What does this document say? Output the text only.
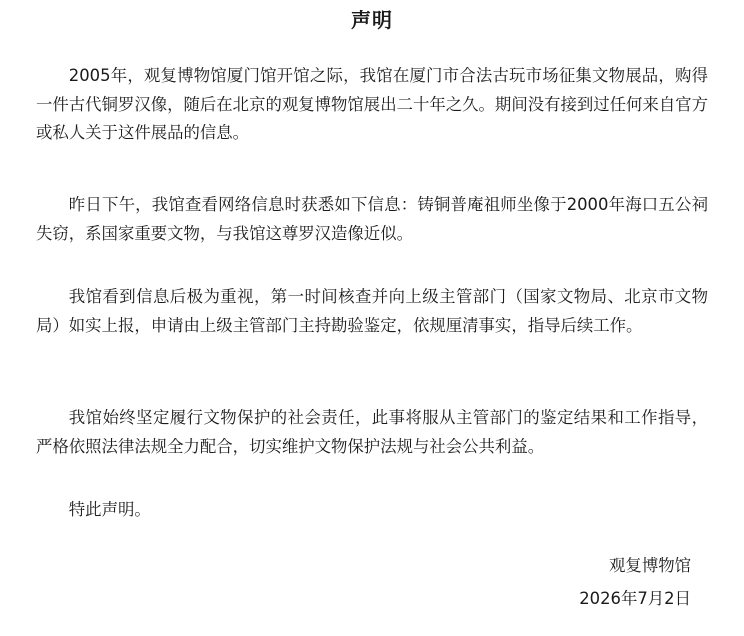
声明

2005年，观复博物馆厦门馆开馆之际，我馆在厦门市合法古玩市场征集文物展品，购得一件古代铜罗汉像，随后在北京的观复博物馆展出二十年之久。期间没有接到过任何来自官方或私人关于这件展品的信息。

昨日下午，我馆查看网络信息时获悉如下信息：铸铜普庵祖师坐像于2000年海口五公祠失窃，系国家重要文物，与我馆这尊罗汉造像近似。

我馆看到信息后极为重视，第一时间核查并向上级主管部门（国家文物局、北京市文物局）如实上报，申请由上级主管部门主持勘验鉴定，依规厘清事实，指导后续工作。

我馆始终坚定履行文物保护的社会责任，此事将服从主管部门的鉴定结果和工作指导，严格依照法律法规全力配合，切实维护文物保护法规与社会公共利益。

特此声明。

观复博物馆
2026年7月2日
